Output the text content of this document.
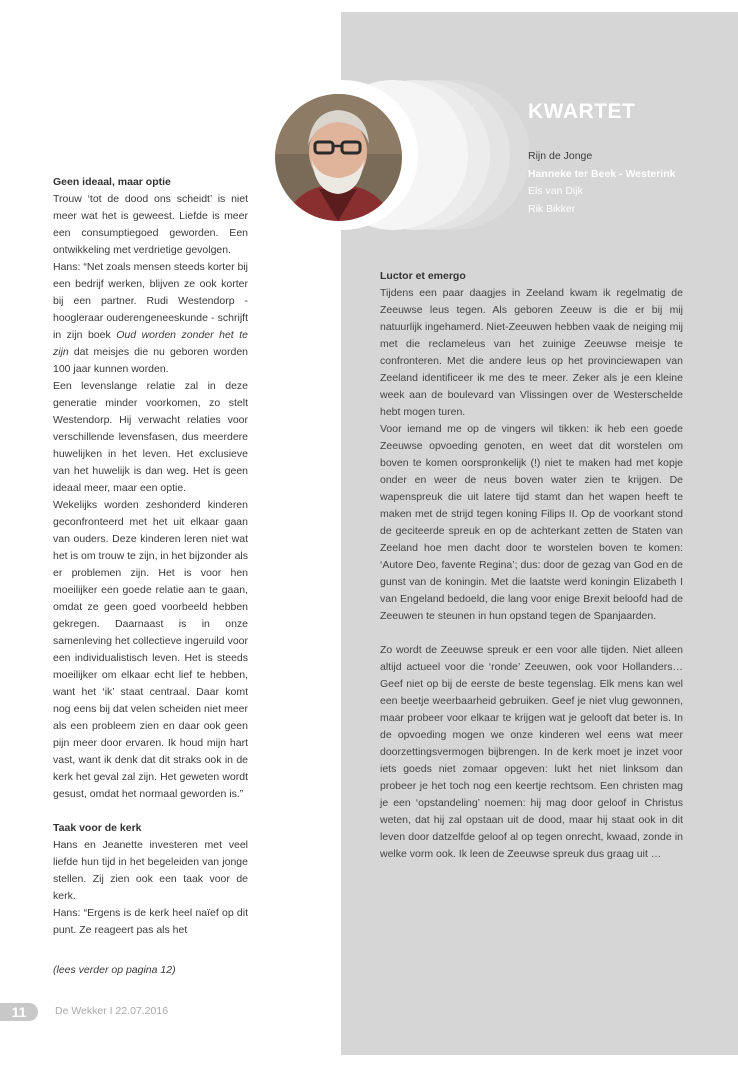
KWARTET
Rijn de Jonge
Hanneke ter Beek - Westerink
Els van Dijk
Rik Bikker

Geen ideaal, maar optie

Trouw ‘tot de dood ons scheidt’ is niet meer wat het is geweest. Liefde is meer een consumptiegoed geworden. Een ontwikkeling met verdrietige gevolgen.

Hans: “Net zoals mensen steeds korter bij een bedrijf werken, blijven ze ook korter bij een partner. Rudi Westendorp - hoogleraar ouderengeneeskunde - schrijft in zijn boek Oud worden zonder het te zijn dat meisjes die nu geboren worden 100 jaar kunnen worden.

Een levenslange relatie zal in deze generatie minder voorkomen, zo stelt Westendorp. Hij verwacht relaties voor verschillende levensfasen, dus meerdere huwelijken in het leven. Het exclusieve van het huwelijk is dan weg. Het is geen ideaal meer, maar een optie.

Wekelijks worden zeshonderd kinderen geconfronteerd met het uit elkaar gaan van ouders. Deze kinderen leren niet wat het is om trouw te zijn, in het bijzonder als er problemen zijn. Het is voor hen moeilijker een goede relatie aan te gaan, omdat ze geen goed voorbeeld hebben gekregen. Daarnaast is in onze samenleving het collectieve ingeruild voor een individualistisch leven. Het is steeds moeilijker om elkaar echt lief te hebben, want het ‘ik’ staat centraal. Daar komt nog eens bij dat velen scheiden niet meer als een probleem zien en daar ook geen pijn meer door ervaren. Ik houd mijn hart vast, want ik denk dat dit straks ook in de kerk het geval zal zijn. Het geweten wordt gesust, omdat het normaal geworden is.”

Taak voor de kerk

Hans en Jeanette investeren met veel liefde hun tijd in het begeleiden van jonge stellen. Zij zien ook een taak voor de kerk.

Hans: “Ergens is de kerk heel naïef op dit punt. Ze reageert pas als het

(lees verder op pagina 12)

Luctor et emergo

Tijdens een paar daagjes in Zeeland kwam ik regelmatig de Zeeuwse leus tegen. Als geboren Zeeuw is die er bij mij natuurlijk ingehamerd. Niet-Zeeuwen hebben vaak de neiging mij met die reclameleus van het zuinige Zeeuwse meisje te confronteren. Met die andere leus op het provinciewapen van Zeeland identificeer ik me des te meer. Zeker als je een kleine week aan de boulevard van Vlissingen over de Westerschelde hebt mogen turen.

Voor iemand me op de vingers wil tikken: ik heb een goede Zeeuwse opvoeding genoten, en weet dat dit worstelen om boven te komen oorspronkelijk (!) niet te maken had met kopje onder en weer de neus boven water zien te krijgen. De wapenspreuk die uit latere tijd stamt dan het wapen heeft te maken met de strijd tegen koning Filips II. Op de voorkant stond de geciteerde spreuk en op de achterkant zetten de Staten van Zeeland hoe men dacht door te worstelen boven te komen: ‘Autore Deo, favente Regina’; dus: door de gezag van God en de gunst van de koningin. Met die laatste werd koningin Elizabeth I van Engeland bedoeld, die lang voor enige Brexit beloofd had de Zeeuwen te steunen in hun opstand tegen de Spanjaarden.

Zo wordt de Zeeuwse spreuk er een voor alle tijden. Niet alleen altijd actueel voor die ‘ronde’ Zeeuwen, ook voor Hollanders… Geef niet op bij de eerste de beste tegenslag. Elk mens kan wel een beetje weerbaarheid gebruiken. Geef je niet vlug gewonnen, maar probeer voor elkaar te krijgen wat je gelooft dat beter is. In de opvoeding mogen we onze kinderen wel eens wat meer doorzettingsvermogen bijbrengen. In de kerk moet je inzet voor iets goeds niet zomaar opgeven: lukt het niet linksom dan probeer je het toch nog een keertje rechtsom. Een christen mag je een ‘opstandeling’ noemen: hij mag door geloof in Christus weten, dat hij zal opstaan uit de dood, maar hij staat ook in dit leven door datzelfde geloof al op tegen onrecht, kwaad, zonde in welke vorm ook. Ik leen de Zeeuwse spreuk dus graag uit …

11	De Wekker I 22.07.2016
